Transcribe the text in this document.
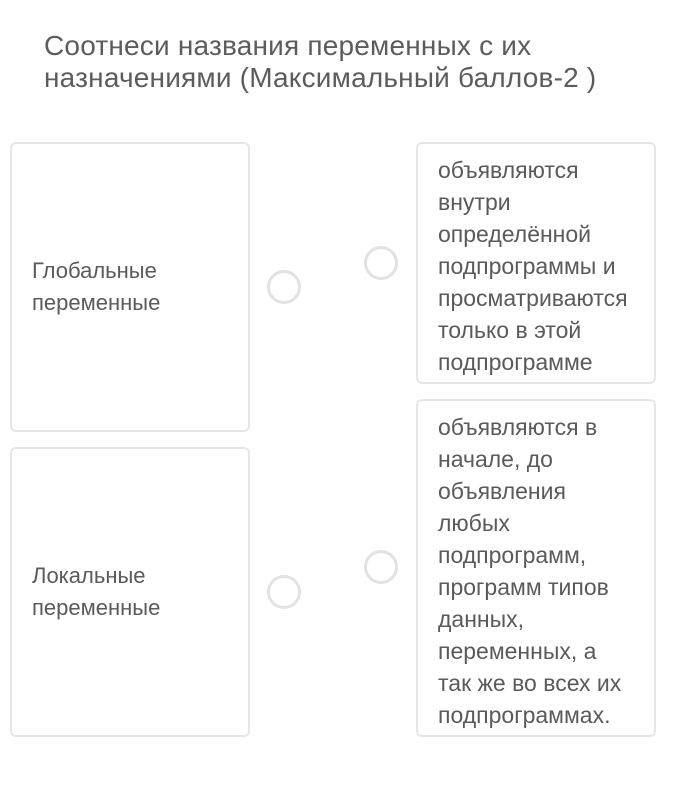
Соотнеси названия переменных с их назначениями (Максимальный баллов-2 )
Глобальные переменные
Локальные переменные
объявляются внутри определённой подпрограммы и просматриваются только в этой подпрограмме
объявляются в начале, до объявления любых подпрограмм, программ типов данных, переменных, а так же во всех их подпрограммах.
